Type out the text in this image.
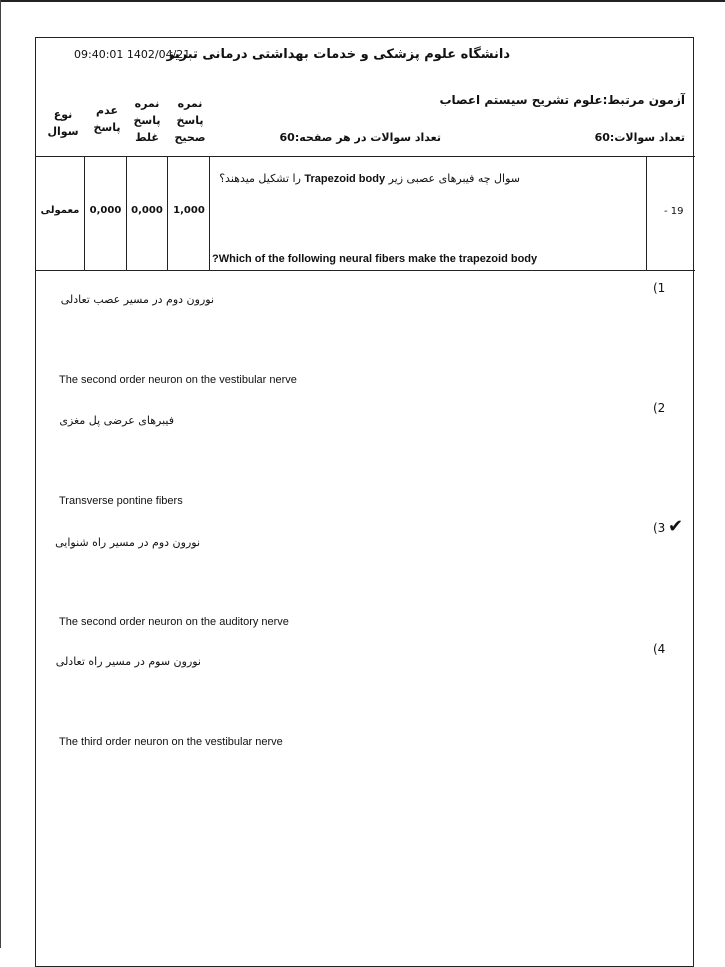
دانشگاه علوم پزشکی و خدمات بهداشتی درمانی تبریز
09:40:01 1402/04/21
آزمون مرتبط:علوم تشریح سیستم اعصاب
تعداد سوالات:60
تعداد سوالات در هر صفحه:60
نمره پاسخ صحیح
نمره پاسخ غلط
عدم پاسخ
نوع سوال
- 19
سوال چه فیبرهای عصبی زیر Trapezoid body را تشکیل میدهند؟
?Which of the following neural fibers make the trapezoid body
1,000
0,000
0,000
معمولی
(1
نورون دوم در مسیر عصب تعادلی
The second order neuron on the vestibular nerve
(2
فیبرهای عرضی پل مغزی
Transverse pontine fibers
(3 ✔
نورون دوم در مسیر راه شنوایی
The second order neuron on the auditory nerve
(4
نورون سوم در مسیر راه تعادلی
The third order neuron on the vestibular nerve
